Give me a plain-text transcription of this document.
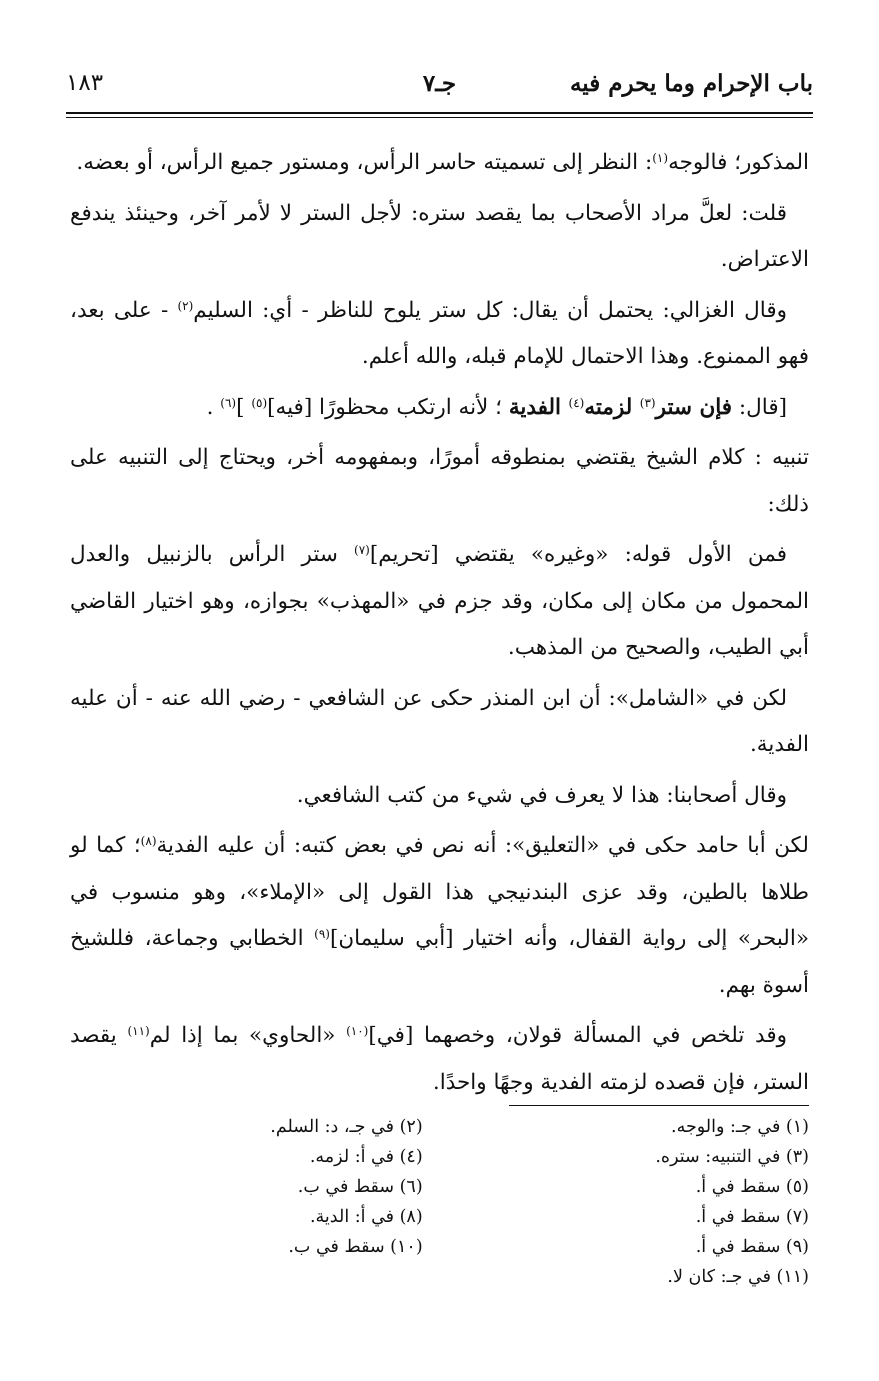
باب الإحرام وما يحرم فيه
جـ٧
١٨٣

المذكور؛ فالوجه$^{(١)}$: النظر إلى تسميته حاسر الرأس، ومستور جميع الرأس، أو بعضه.

قلت: لعلَّ مراد الأصحاب بما يقصد ستره: لأجل الستر لا لأمر آخر، وحينئذ يندفع الاعتراض.

وقال الغزالي: يحتمل أن يقال: كل ستر يلوح للناظر - أي: السليم$^{(٢)}$ - على بعد، فهو الممنوع. وهذا الاحتمال للإمام قبله، والله أعلم.

[قال: فإن ستر$^{(٣)}$ لزمته$^{(٤)}$ الفدية ؛ لأنه ارتكب محظورًا [فيه]$^{(٥)}$ ]$^{(٦)}$ .

تنبيه : كلام الشيخ يقتضي بمنطوقه أمورًا، وبمفهومه أخر، ويحتاج إلى التنبيه على ذلك:

فمن الأول قوله: «وغيره» يقتضي [تحريم]$^{(٧)}$ ستر الرأس بالزنبيل والعدل المحمول من مكان إلى مكان، وقد جزم في «المهذب» بجوازه، وهو اختيار القاضي أبي الطيب، والصحيح من المذهب.

لكن في «الشامل»: أن ابن المنذر حكى عن الشافعي - رضي الله عنه - أن عليه الفدية.

وقال أصحابنا: هذا لا يعرف في شيء من كتب الشافعي.

لكن أبا حامد حكى في «التعليق»: أنه نص في بعض كتبه: أن عليه الفدية$^{(٨)}$؛ كما لو طلاها بالطين، وقد عزى البندنيجي هذا القول إلى «الإملاء»، وهو منسوب في «البحر» إلى رواية القفال، وأنه اختيار [أبي سليمان]$^{(٩)}$ الخطابي وجماعة، فللشيخ أسوة بهم.

وقد تلخص في المسألة قولان، وخصهما [في]$^{(١٠)}$ «الحاوي» بما إذا لم$^{(١١)}$ يقصد الستر، فإن قصده لزمته الفدية وجهًا واحدًا.

(١) في جـ: والوجه.
(٢) في جـ، د: السلم.
(٣) في التنبيه: ستره.
(٤) في أ: لزمه.
(٥) سقط في أ.
(٦) سقط في ب.
(٧) سقط في أ.
(٨) في أ: الدية.
(٩) سقط في أ.
(١٠) سقط في ب.
(١١) في جـ: كان لا.
